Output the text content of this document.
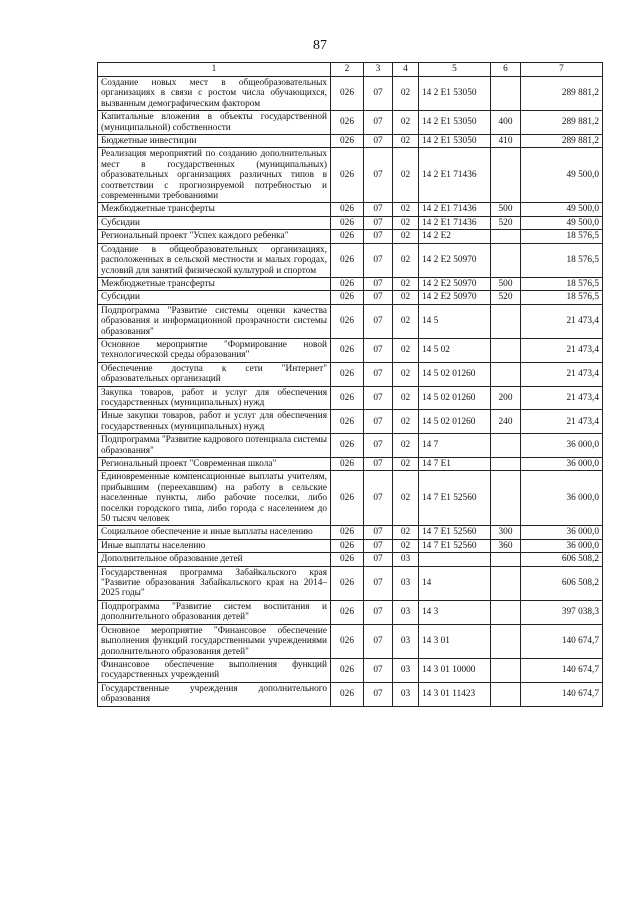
87
1	2	3	4	5	6	7
Создание новых мест в общеобразовательных организациях в связи с ростом числа обучающихся, вызванным демографическим фактором	026	07	02	14 2 E1 53050		289 881,2
Капитальные вложения в объекты государственной (муниципальной) собственности	026	07	02	14 2 E1 53050	400	289 881,2
Бюджетные инвестиции	026	07	02	14 2 E1 53050	410	289 881,2
Реализация мероприятий по созданию дополнительных мест в государственных (муниципальных) образовательных организациях различных типов в соответствии с прогнозируемой потребностью и современными требованиями	026	07	02	14 2 E1 71436		49 500,0
Межбюджетные трансферты	026	07	02	14 2 E1 71436	500	49 500,0
Субсидии	026	07	02	14 2 E1 71436	520	49 500,0
Региональный проект "Успех каждого ребенка"	026	07	02	14 2 E2		18 576,5
Создание в общеобразовательных организациях, расположенных в сельской местности и малых городах, условий для занятий физической культурой и спортом	026	07	02	14 2 E2 50970		18 576,5
Межбюджетные трансферты	026	07	02	14 2 E2 50970	500	18 576,5
Субсидии	026	07	02	14 2 E2 50970	520	18 576,5
Подпрограмма "Развитие системы оценки качества образования и информационной прозрачности системы образования"	026	07	02	14 5		21 473,4
Основное мероприятие "Формирование новой технологической среды образования"	026	07	02	14 5 02		21 473,4
Обеспечение доступа к сети "Интернет" образовательных организаций	026	07	02	14 5 02 01260		21 473,4
Закупка товаров, работ и услуг для обеспечения государственных (муниципальных) нужд	026	07	02	14 5 02 01260	200	21 473,4
Иные закупки товаров, работ и услуг для обеспечения государственных (муниципальных) нужд	026	07	02	14 5 02 01260	240	21 473,4
Подпрограмма "Развитие кадрового потенциала системы образования"	026	07	02	14 7		36 000,0
Региональный проект "Современная школа"	026	07	02	14 7 E1		36 000,0
Единовременные компенсационные выплаты учителям, прибывшим (переехавшим) на работу в сельские населенные пункты, либо рабочие поселки, либо поселки городского типа, либо города с населением до 50 тысяч человек	026	07	02	14 7 E1 52560		36 000,0
Социальное обеспечение и иные выплаты населению	026	07	02	14 7 E1 52560	300	36 000,0
Иные выплаты населению	026	07	02	14 7 E1 52560	360	36 000,0
Дополнительное образование детей	026	07	03			606 508,2
Государственная программа Забайкальского края "Развитие образования Забайкальского края на 2014–2025 годы"	026	07	03	14		606 508,2
Подпрограмма "Развитие систем воспитания и дополнительного образования детей"	026	07	03	14 3		397 038,3
Основное мероприятие "Финансовое обеспечение выполнения функций государственными учреждениями дополнительного образования детей"	026	07	03	14 3 01		140 674,7
Финансовое обеспечение выполнения функций государственных учреждений	026	07	03	14 3 01 10000		140 674,7
Государственные учреждения дополнительного образования	026	07	03	14 3 01 11423		140 674,7
